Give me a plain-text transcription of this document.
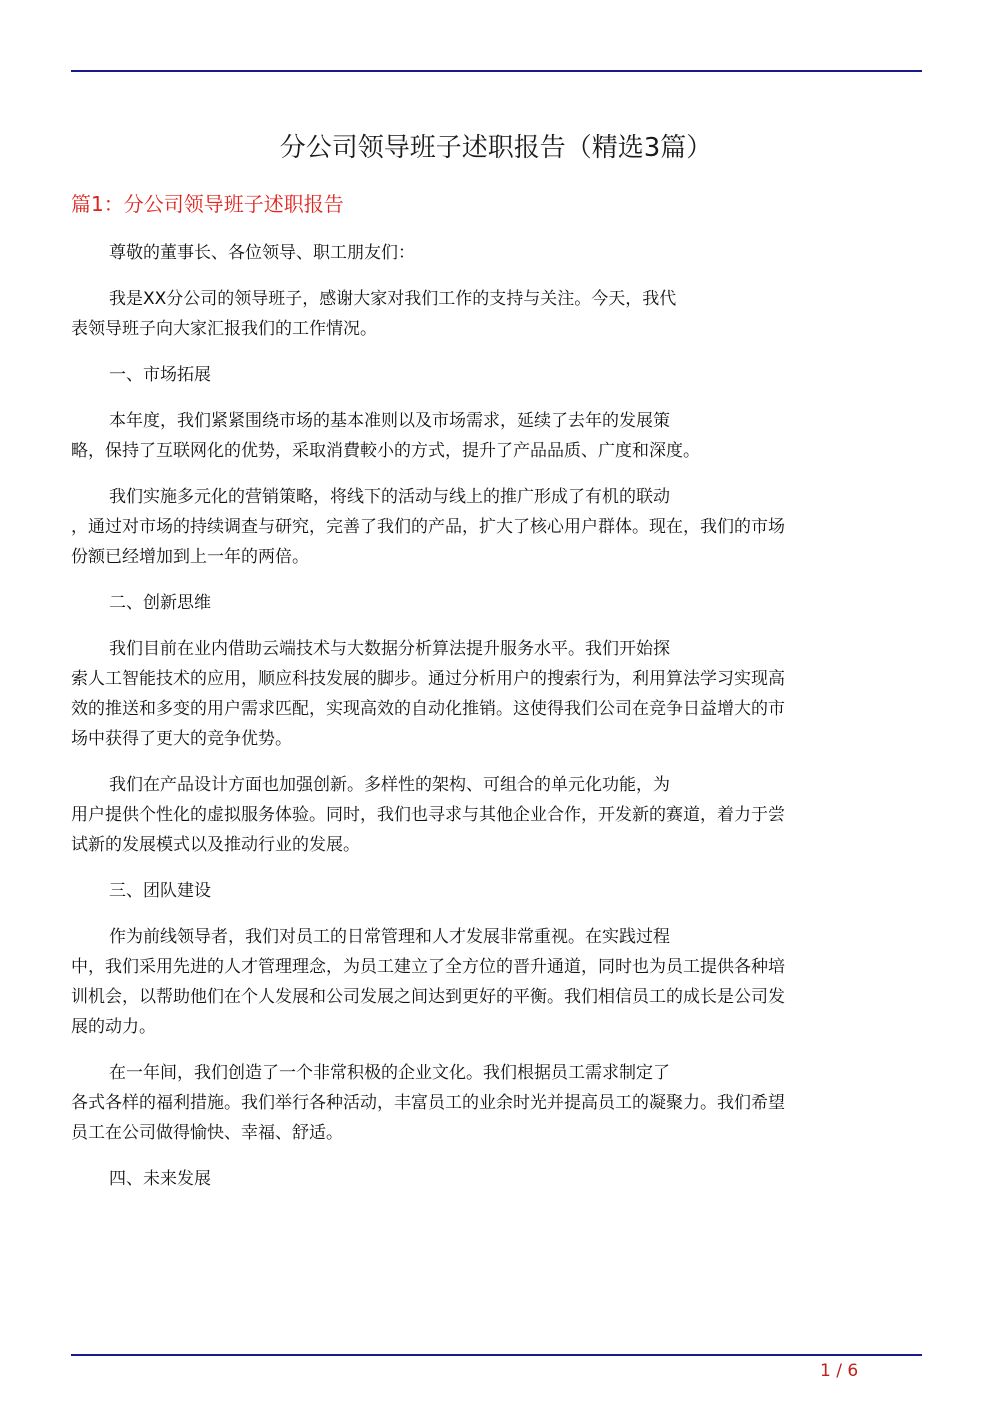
分公司领导班子述职报告（精选3篇）
篇1：分公司领导班子述职报告

尊敬的董事长、各位领导、职工朋友们：

我是XX分公司的领导班子，感谢大家对我们工作的支持与关注。今天，我代
表领导班子向大家汇报我们的工作情况。

一、市场拓展

本年度，我们紧紧围绕市场的基本准则以及市场需求，延续了去年的发展策
略，保持了互联网化的优势，采取消費較小的方式，提升了产品品质、广度和深度。

我们实施多元化的营销策略，将线下的活动与线上的推广形成了有机的联动
，通过对市场的持续调查与研究，完善了我们的产品，扩大了核心用户群体。现在，我们的市场
份额已经增加到上一年的两倍。

二、创新思维

我们目前在业内借助云端技术与大数据分析算法提升服务水平。我们开始探
索人工智能技术的应用，顺应科技发展的脚步。通过分析用户的搜索行为，利用算法学习实现高
效的推送和多变的用户需求匹配，实现高效的自动化推销。这使得我们公司在竞争日益增大的市
场中获得了更大的竞争优势。

我们在产品设计方面也加强创新。多样性的架构、可组合的单元化功能，为
用户提供个性化的虚拟服务体验。同时，我们也寻求与其他企业合作，开发新的赛道，着力于尝
试新的发展模式以及推动行业的发展。

三、团队建设

作为前线领导者，我们对员工的日常管理和人才发展非常重视。在实践过程
中，我们采用先进的人才管理理念，为员工建立了全方位的晋升通道，同时也为员工提供各种培
训机会，以帮助他们在个人发展和公司发展之间达到更好的平衡。我们相信员工的成长是公司发
展的动力。

在一年间，我们创造了一个非常积极的企业文化。我们根据员工需求制定了
各式各样的福利措施。我们举行各种活动，丰富员工的业余时光并提高员工的凝聚力。我们希望
员工在公司做得愉快、幸福、舒适。

四、未来发展

1 / 6
